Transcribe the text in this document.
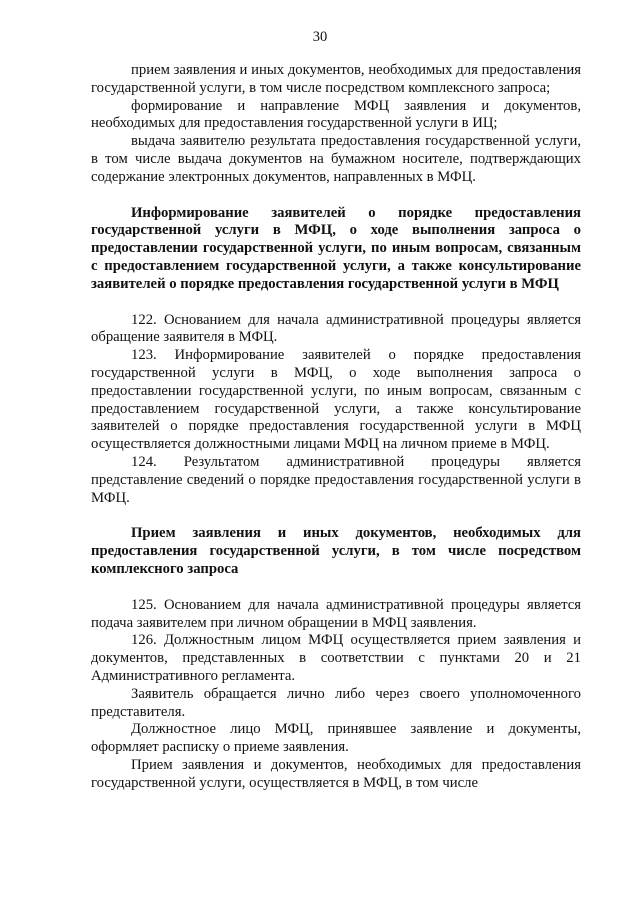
30

прием заявления и иных документов, необходимых для предоставления государственной услуги, в том числе посредством комплексного запроса;

формирование и направление МФЦ заявления и документов, необходимых для предоставления государственной услуги в ИЦ;

выдача заявителю результата предоставления государственной услуги, в том числе выдача документов на бумажном носителе, подтверждающих содержание электронных документов, направленных в МФЦ.

Информирование заявителей о порядке предоставления государственной услуги в МФЦ, о ходе выполнения запроса о предоставлении государственной услуги, по иным вопросам, связанным с предоставлением государственной услуги, а также консультирование заявителей о порядке предоставления государственной услуги в МФЦ

122. Основанием для начала административной процедуры является обращение заявителя в МФЦ.

123. Информирование заявителей о порядке предоставления государственной услуги в МФЦ, о ходе выполнения запроса о предоставлении государственной услуги, по иным вопросам, связанным с предоставлением государственной услуги, а также консультирование заявителей о порядке предоставления государственной услуги в МФЦ осуществляется должностными лицами МФЦ на личном приеме в МФЦ.

124. Результатом административной процедуры является представление сведений о порядке предоставления государственной услуги в МФЦ.

Прием заявления и иных документов, необходимых для предоставления государственной услуги, в том числе посредством комплексного запроса

125. Основанием для начала административной процедуры является подача заявителем при личном обращении в МФЦ заявления.

126. Должностным лицом МФЦ осуществляется прием заявления и документов, представленных в соответствии с пунктами 20 и 21 Административного регламента.

Заявитель обращается лично либо через своего уполномоченного представителя.

Должностное лицо МФЦ, принявшее заявление и документы, оформляет расписку о приеме заявления.

Прием заявления и документов, необходимых для предоставления государственной услуги, осуществляется в МФЦ, в том числе
